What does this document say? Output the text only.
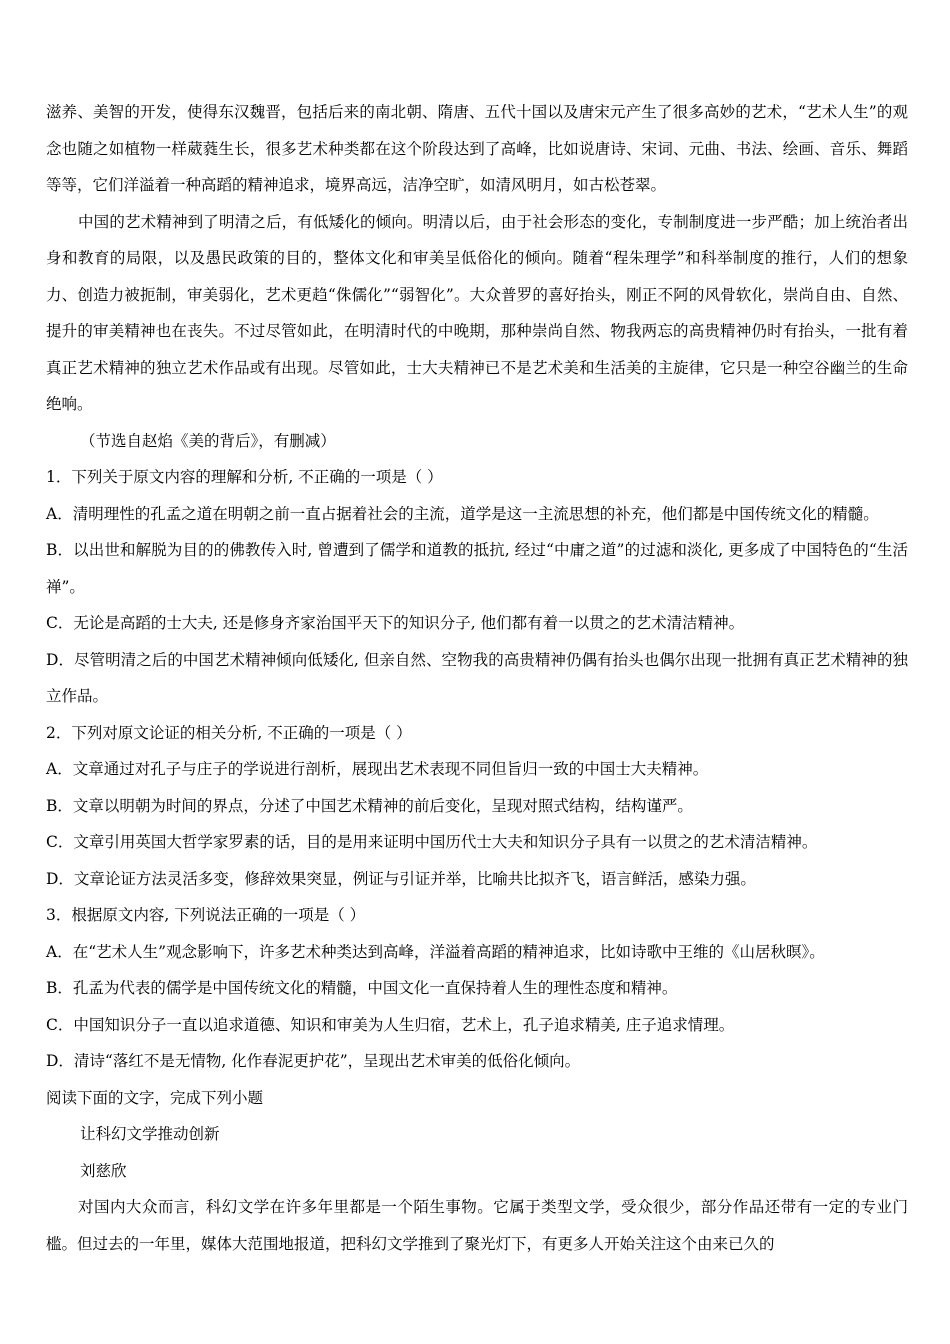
滋养、美智的开发，使得东汉魏晋，包括后来的南北朝、隋唐、五代十国以及唐宋元产生了很多高妙的艺术，“艺术人生”的观念也随之如植物一样葳蕤生长，很多艺术种类都在这个阶段达到了高峰，比如说唐诗、宋词、元曲、书法、绘画、音乐、舞蹈等等，它们洋溢着一种高蹈的精神追求，境界高远，洁净空旷，如清风明月，如古松苍翠。

中国的艺术精神到了明清之后，有低矮化的倾向。明清以后，由于社会形态的变化，专制制度进一步严酷；加上统治者出身和教育的局限，以及愚民政策的目的，整体文化和审美呈低俗化的倾向。随着“程朱理学”和科举制度的推行，人们的想象力、创造力被扼制，审美弱化，艺术更趋“侏儒化”“弱智化”。大众普罗的喜好抬头，刚正不阿的风骨软化，崇尚自由、自然、提升的审美精神也在丧失。不过尽管如此，在明清时代的中晚期，那种崇尚自然、物我两忘的高贵精神仍时有抬头，一批有着真正艺术精神的独立艺术作品或有出现。尽管如此，士大夫精神已不是艺术美和生活美的主旋律，它只是一种空谷幽兰的生命绝响。

（节选自赵焰《美的背后》，有删减）

1．下列关于原文内容的理解和分析, 不正确的一项是（ ）

A．清明理性的孔孟之道在明朝之前一直占据着社会的主流，道学是这一主流思想的补充，他们都是中国传统文化的精髓。

B．以出世和解脱为目的的佛教传入时, 曾遭到了儒学和道教的抵抗, 经过“中庸之道”的过滤和淡化, 更多成了中国特色的“生活禅”。

C．无论是高蹈的士大夫, 还是修身齐家治国平天下的知识分子, 他们都有着一以贯之的艺术清洁精神。

D．尽管明清之后的中国艺术精神倾向低矮化, 但亲自然、空物我的高贵精神仍偶有抬头也偶尔出现一批拥有真正艺术精神的独立作品。

2．下列对原文论证的相关分析, 不正确的一项是（ ）

A．文章通过对孔子与庄子的学说进行剖析，展现出艺术表现不同但旨归一致的中国士大夫精神。

B．文章以明朝为时间的界点，分述了中国艺术精神的前后变化，呈现对照式结构，结构谨严。

C．文章引用英国大哲学家罗素的话，目的是用来证明中国历代士大夫和知识分子具有一以贯之的艺术清洁精神。

D．文章论证方法灵活多变，修辞效果突显，例证与引证并举，比喻共比拟齐飞，语言鲜活，感染力强。

3．根据原文内容, 下列说法正确的一项是（ ）

A．在“艺术人生”观念影响下，许多艺术种类达到高峰，洋溢着高蹈的精神追求，比如诗歌中王维的《山居秋暝》。

B．孔孟为代表的儒学是中国传统文化的精髓，中国文化一直保持着人生的理性态度和精神。

C．中国知识分子一直以追求道德、知识和审美为人生归宿，艺术上，孔子追求精美, 庄子追求情理。

D．清诗“落红不是无情物, 化作春泥更护花”，呈现出艺术审美的低俗化倾向。

阅读下面的文字，完成下列小题

让科幻文学推动创新

刘慈欣

对国内大众而言，科幻文学在许多年里都是一个陌生事物。它属于类型文学，受众很少，部分作品还带有一定的专业门槛。但过去的一年里，媒体大范围地报道，把科幻文学推到了聚光灯下，有更多人开始关注这个由来已久的
